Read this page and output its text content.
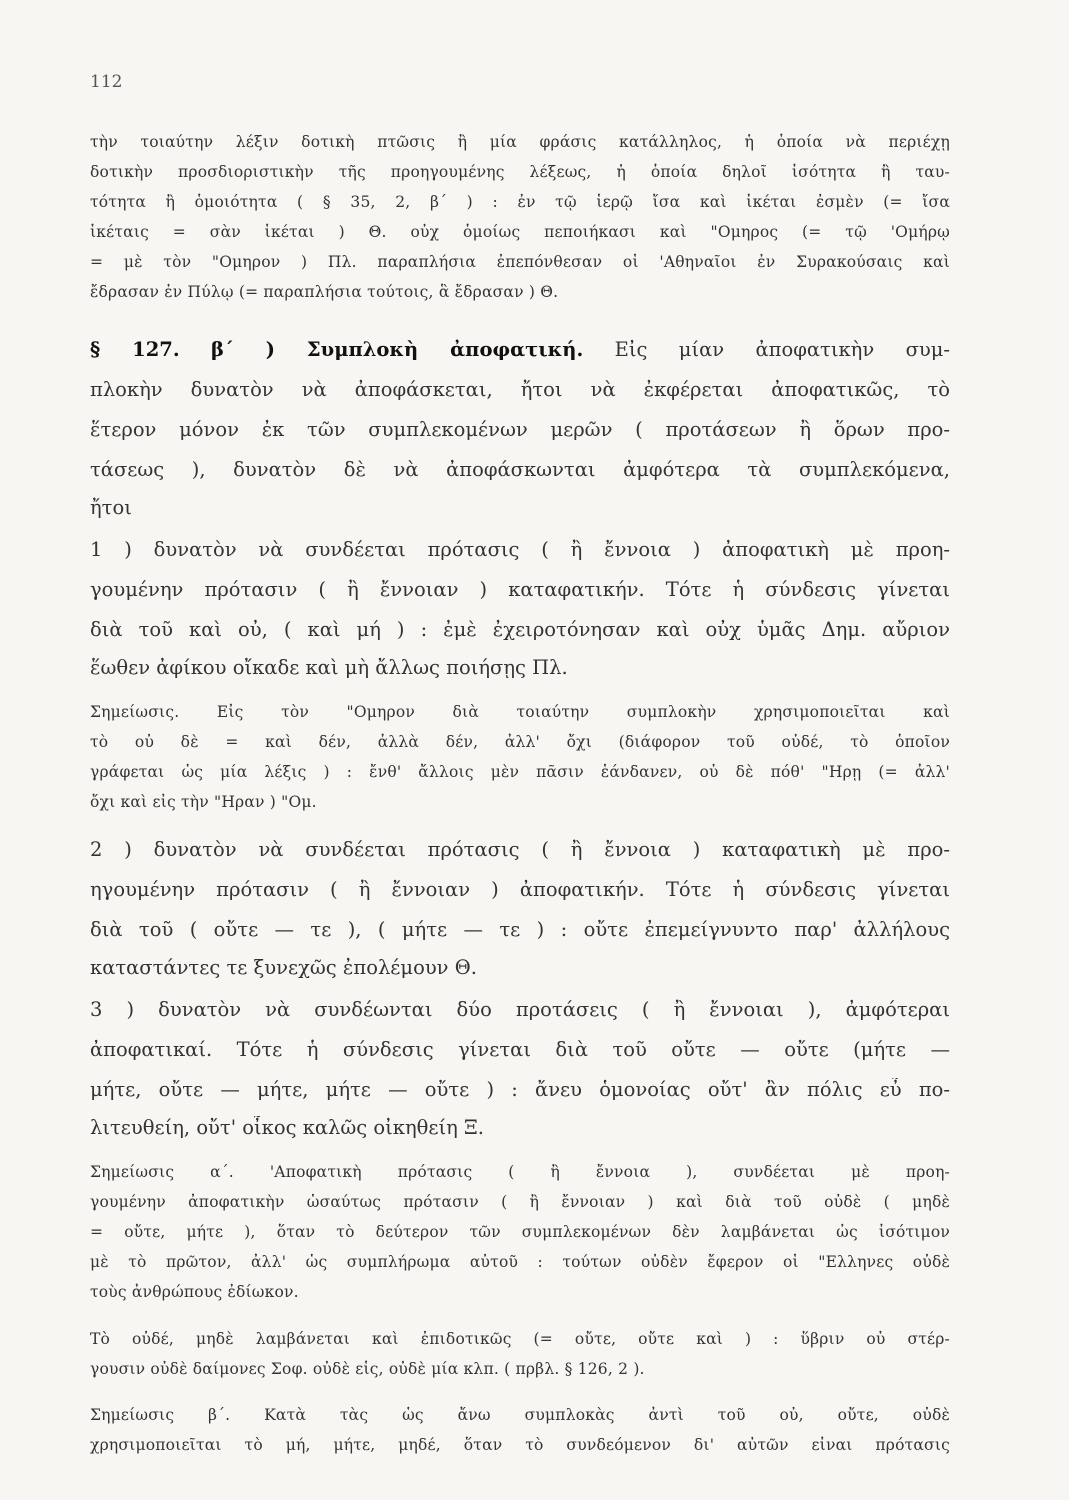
112
τὴν τοιαύτην λέξιν δοτικὴ πτῶσις ἢ μία φράσις κατάλληλος, ἡ ὁποία νὰ περιέχῃ
δοτικὴν προσδιοριστικὴν τῆς προηγουμένης λέξεως, ἡ ὁποία δηλοῖ ἰσότητα ἢ ταυ-
τότητα ἢ ὁμοιότητα ( § 35, 2, β΄ ) : ἐν τῷ ἱερῷ ἴσα καὶ ἱκέται ἐσμὲν (= ἴσα
ἱκέταις = σὰν ἱκέται ) Θ. οὐχ ὁμοίως πεποιήκασι καὶ "Ομηρος (= τῷ 'Ομήρῳ
= μὲ τὸν "Ομηρον ) Πλ. παραπλήσια ἐπεπόνθεσαν οἱ 'Αθηναῖοι ἐν Συρακούσαις καὶ
ἔδρασαν ἐν Πύλῳ (= παραπλήσια τούτοις, ἃ ἔδρασαν ) Θ.
§ 127. β΄ ) Συμπλοκὴ ἀποφατική. Εἰς μίαν ἀποφατικὴν συμ-
πλοκὴν δυνατὸν νὰ ἀποφάσκεται, ἤτοι νὰ ἐκφέρεται ἀποφατικῶς, τὸ
ἕτερον μόνον ἐκ τῶν συμπλεκομένων μερῶν ( προτάσεων ἢ ὅρων προ-
τάσεως ), δυνατὸν δὲ νὰ ἀποφάσκωνται ἀμφότερα τὰ συμπλεκόμενα,
ἤτοι
1 ) δυνατὸν νὰ συνδέεται πρότασις ( ἢ ἔννοια ) ἀποφατικὴ μὲ προη-
γουμένην πρότασιν ( ἢ ἔννοιαν ) καταφατικήν. Τότε ἡ σύνδεσις γίνεται
διὰ τοῦ καὶ οὐ, ( καὶ μή ) : ἐμὲ ἐχειροτόνησαν καὶ οὐχ ὑμᾶς Δημ. αὔριον
ἕωθεν ἀφίκου οἴκαδε καὶ μὴ ἄλλως ποιήσῃς Πλ.
Σημείωσις. Εἰς τὸν "Ομηρον διὰ τοιαύτην συμπλοκὴν χρησιμοποιεῖται καὶ
τὸ οὐ δὲ = καὶ δέν, ἀλλὰ δέν, ἀλλ' ὄχι (διάφορον τοῦ οὐδέ, τὸ ὁποῖον
γράφεται ὡς μία λέξις ) : ἔνθ' ἄλλοις μὲν πᾶσιν ἑάνδανεν, οὐ δὲ πόθ' "Ηρῃ (= ἀλλ'
ὄχι καὶ εἰς τὴν "Ηραν ) "Ομ.
2 ) δυνατὸν νὰ συνδέεται πρότασις ( ἢ ἔννοια ) καταφατικὴ μὲ προ-
ηγουμένην πρότασιν ( ἢ ἔννοιαν ) ἀποφατικήν. Τότε ἡ σύνδεσις γίνεται
διὰ τοῦ ( οὔτε — τε ), ( μήτε — τε ) : οὔτε ἐπεμείγνυντο παρ' ἀλλήλους
καταστάντες τε ξυνεχῶς ἐπολέμουν Θ.
3 ) δυνατὸν νὰ συνδέωνται δύο προτάσεις ( ἢ ἔννοιαι ), ἀμφότεραι
ἀποφατικαί. Τότε ἡ σύνδεσις γίνεται διὰ τοῦ οὔτε — οὔτε (μήτε —
μήτε, οὔτε — μήτε, μήτε — οὔτε ) : ἄνευ ὁμονοίας οὔτ' ἂν πόλις εὖ πο-
λιτευθείη, οὔτ' οἶκος καλῶς οἰκηθείη Ξ.
Σημείωσις α΄. 'Αποφατικὴ πρότασις ( ἢ ἔννοια ), συνδέεται μὲ προη-
γουμένην ἀποφατικὴν ὡσαύτως πρότασιν ( ἢ ἔννοιαν ) καὶ διὰ τοῦ οὐδὲ ( μηδὲ
= οὔτε, μήτε ), ὅταν τὸ δεύτερον τῶν συμπλεκομένων δὲν λαμβάνεται ὡς ἰσότιμον
μὲ τὸ πρῶτον, ἀλλ' ὡς συμπλήρωμα αὐτοῦ : τούτων οὐδὲν ἔφερον οἱ "Ελληνες οὐδὲ
τοὺς ἀνθρώπους ἐδίωκον.
Τὸ οὐδέ, μηδὲ λαμβάνεται καὶ ἐπιδοτικῶς (= οὔτε, οὔτε καὶ ) : ὕβριν οὐ στέρ-
γουσιν οὐδὲ δαίμονες Σοφ. οὐδὲ εἷς, οὐδὲ μία κλπ. ( πρβλ. § 126, 2 ).
Σημείωσις β΄. Κατὰ τὰς ὡς ἄνω συμπλοκὰς ἀντὶ τοῦ οὐ, οὔτε, οὐδὲ
χρησιμοποιεῖται τὸ μή, μήτε, μηδέ, ὅταν τὸ συνδεόμενον δι' αὐτῶν εἶναι πρότασις
